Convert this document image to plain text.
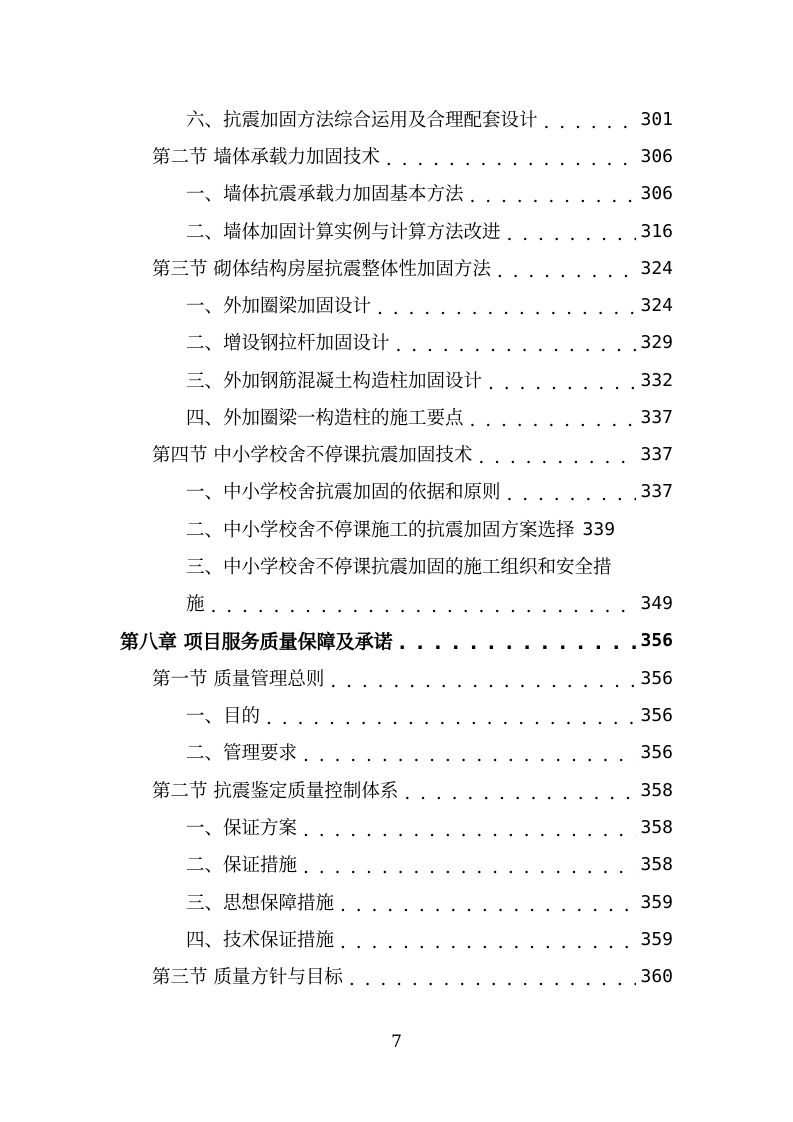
六、抗震加固方法综合运用及合理配套设计 . . .	301
第二节 墙体承载力加固技术 . . .	306
一、墙体抗震承载力加固基本方法 . . .	306
二、墙体加固计算实例与计算方法改进 . . .	316
第三节 砌体结构房屋抗震整体性加固方法 . . .	324
一、外加圈梁加固设计 . . .	324
二、增设钢拉杆加固设计 . . .	329
三、外加钢筋混凝土构造柱加固设计 . . .	332
四、外加圈梁一构造柱的施工要点 . . .	337
第四节 中小学校舍不停课抗震加固技术 . . .	337
一、中小学校舍抗震加固的依据和原则 . . .	337
二、中小学校舍不停课施工的抗震加固方案选择 339
三、中小学校舍不停课抗震加固的施工组织和安全措
施 . . .	349
第八章 项目服务质量保障及承诺 . . .	356
第一节 质量管理总则 . . .	356
一、目的 . . .	356
二、管理要求 . . .	356
第二节 抗震鉴定质量控制体系 . . .	358
一、保证方案 . . .	358
二、保证措施 . . .	358
三、思想保障措施 . . .	359
四、技术保证措施 . . .	359
第三节 质量方针与目标 . . .	360
7
